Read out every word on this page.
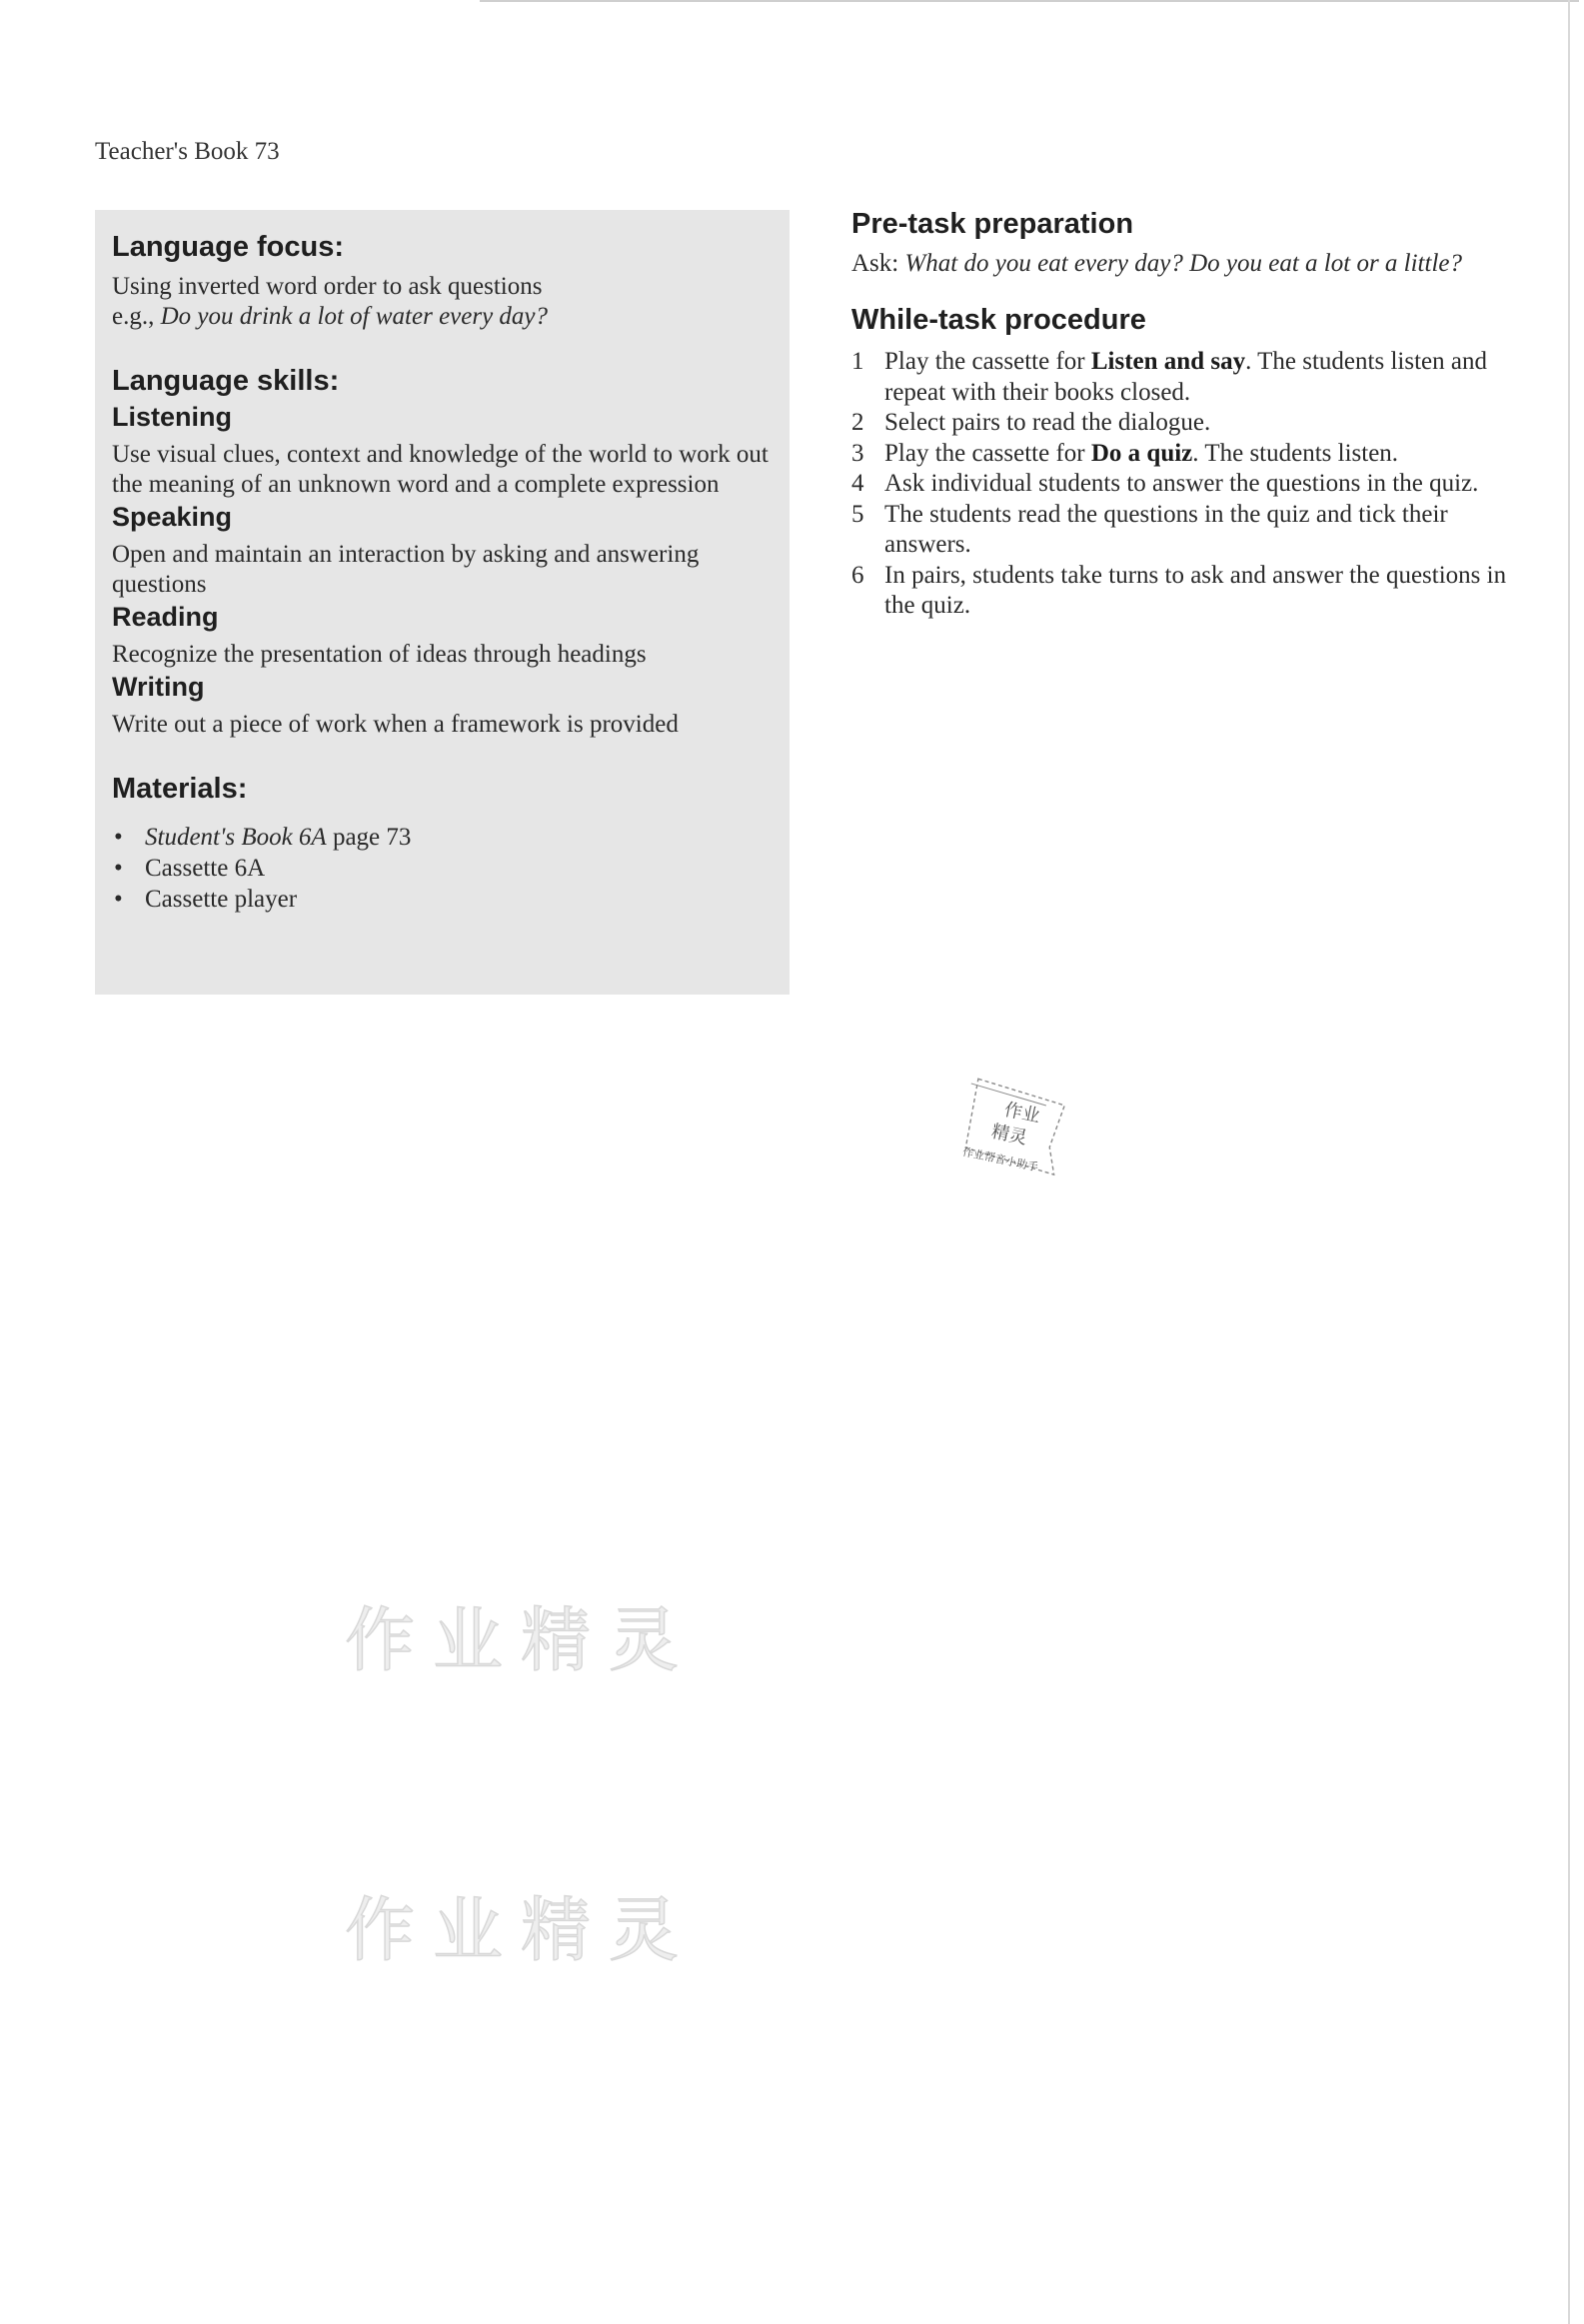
Teacher's Book 73
Language focus:

Using inverted word order to ask questions

e.g., Do you drink a lot of water every day?

Language skills:
Listening

Use visual clues, context and knowledge of the world to work out the meaning of an unknown word and a complete expression

Speaking

Open and maintain an interaction by asking and answering questions

Reading

Recognize the presentation of ideas through headings

Writing

Write out a piece of work when a framework is provided

Materials:
• Student's Book 6A page 73
• Cassette 6A
• Cassette player
Pre-task preparation

Ask: What do you eat every day? Do you eat a lot or a little?

While-task procedure
1 Play the cassette for Listen and say. The students listen and repeat with their books closed.
2 Select pairs to read the dialogue.
3 Play the cassette for Do a quiz. The students listen.
4 Ask individual students to answer the questions in the quiz.
5 The students read the questions in the quiz and tick their answers.
6 In pairs, students take turns to ask and answer the questions in the quiz.
作业
精灵
作业帮音小助手
作业精灵
作业精灵
